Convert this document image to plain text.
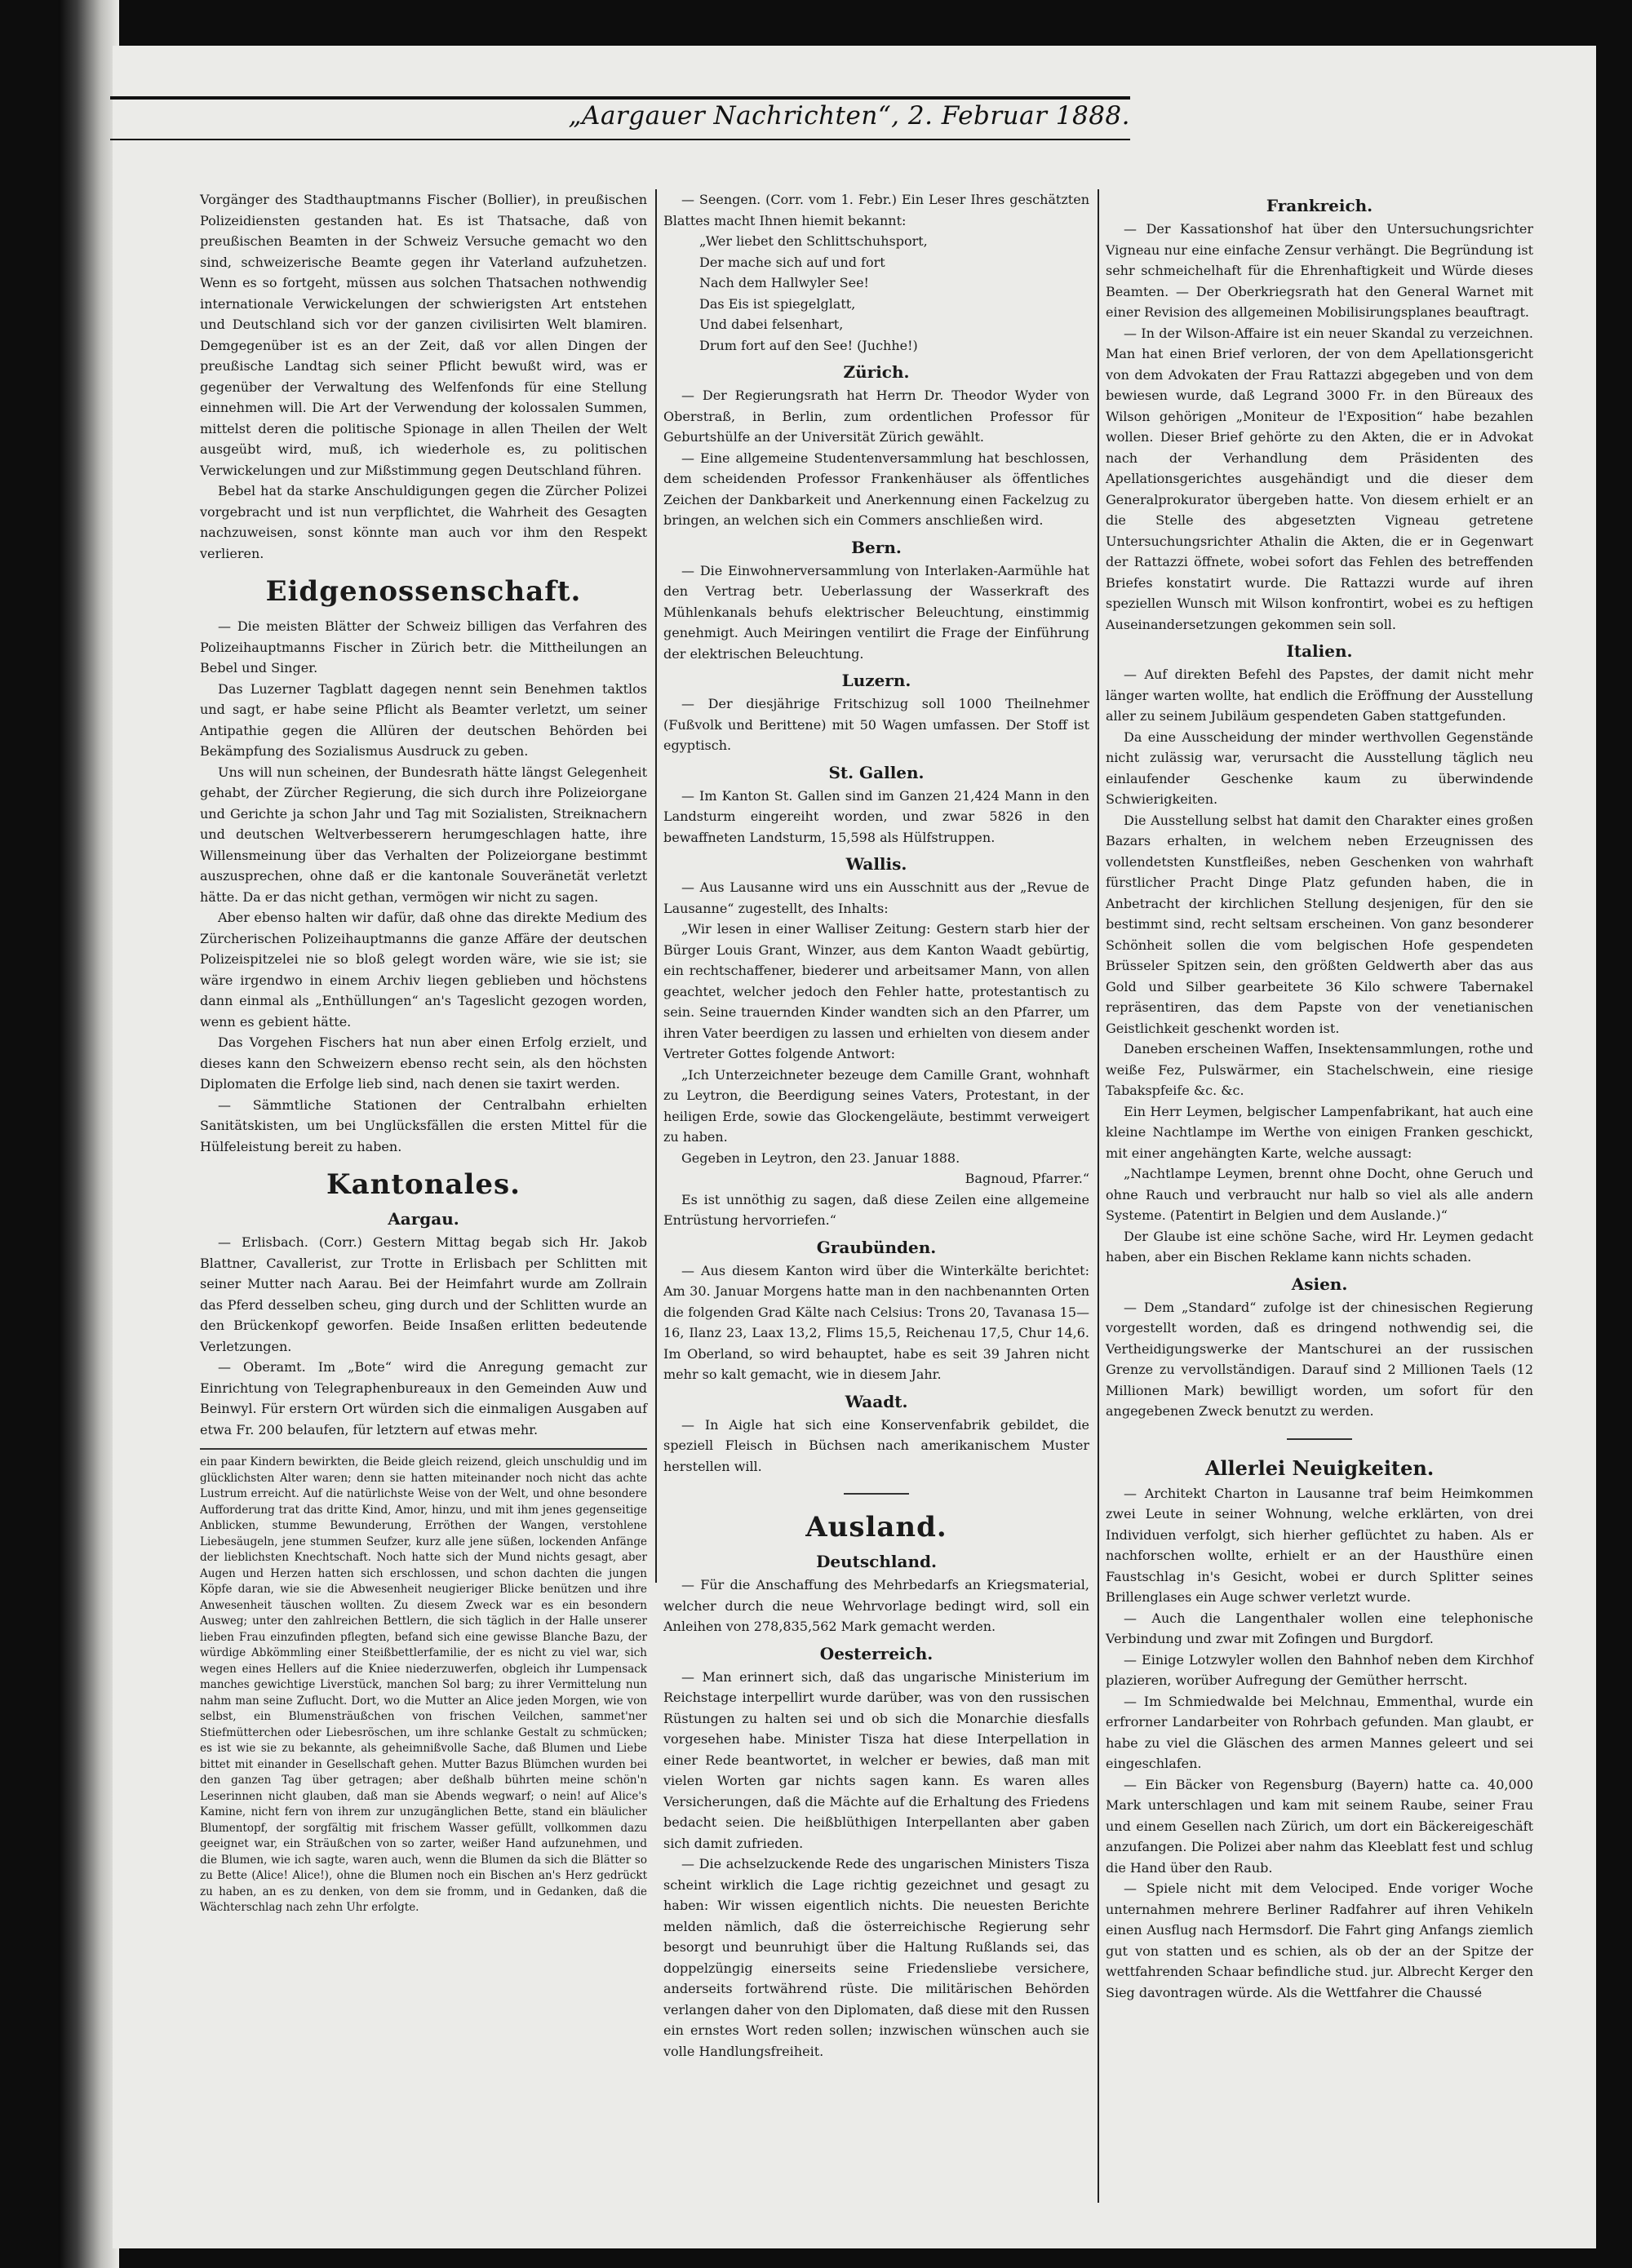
„Aargauer Nachrichten“, 2. Februar 1888.

Vorgänger des Stadthauptmanns Fischer (Bollier), in preußischen Polizeidiensten gestanden hat. Es ist Thatsache, daß von preußischen Beamten in der Schweiz Versuche gemacht wo den sind, schweizerische Beamte gegen ihr Vaterland aufzuhetzen. Wenn es so fortgeht, müssen aus solchen Thatsachen nothwendig internationale Verwickelungen der schwierigsten Art entstehen und Deutschland sich vor der ganzen civilisirten Welt blamiren. Demgegenüber ist es an der Zeit, daß vor allen Dingen der preußische Landtag sich seiner Pflicht bewußt wird, was er gegenüber der Verwaltung des Welfenfonds für eine Stellung einnehmen will. Die Art der Verwendung der kolossalen Summen, mittelst deren die politische Spionage in allen Theilen der Welt ausgeübt wird, muß, ich wiederhole es, zu politischen Verwickelungen und zur Mißstimmung gegen Deutschland führen.

Bebel hat da starke Anschuldigungen gegen die Zürcher Polizei vorgebracht und ist nun verpflichtet, die Wahrheit des Gesagten nachzuweisen, sonst könnte man auch vor ihm den Respekt verlieren.

Eidgenossenschaft.

— Die meisten Blätter der Schweiz billigen das Verfahren des Polizeihauptmanns Fischer in Zürich betr. die Mittheilungen an Bebel und Singer.

Das Luzerner Tagblatt dagegen nennt sein Benehmen taktlos und sagt, er habe seine Pflicht als Beamter verletzt, um seiner Antipathie gegen die Allüren der deutschen Behörden bei Bekämpfung des Sozialismus Ausdruck zu geben.

Uns will nun scheinen, der Bundesrath hätte längst Gelegenheit gehabt, der Zürcher Regierung, die sich durch ihre Polizeiorgane und Gerichte ja schon Jahr und Tag mit Sozialisten, Streiknachern und deutschen Weltverbesserern herumgeschlagen hatte, ihre Willensmeinung über das Verhalten der Polizeiorgane bestimmt auszusprechen, ohne daß er die kantonale Souveränetät verletzt hätte. Da er das nicht gethan, vermögen wir nicht zu sagen.

Aber ebenso halten wir dafür, daß ohne das direkte Medium des Zürcherischen Polizeihauptmanns die ganze Affäre der deutschen Polizeispitzelei nie so bloß gelegt worden wäre, wie sie ist; sie wäre irgendwo in einem Archiv liegen geblieben und höchstens dann einmal als „Enthüllungen“ an's Tageslicht gezogen worden, wenn es gebient hätte.

Das Vorgehen Fischers hat nun aber einen Erfolg erzielt, und dieses kann den Schweizern ebenso recht sein, als den höchsten Diplomaten die Erfolge lieb sind, nach denen sie taxirt werden.

— Sämmtliche Stationen der Centralbahn erhielten Sanitätskisten, um bei Unglücksfällen die ersten Mittel für die Hülfeleistung bereit zu haben.

Kantonales.
Aargau.

— Erlisbach. (Corr.) Gestern Mittag begab sich Hr. Jakob Blattner, Cavallerist, zur Trotte in Erlisbach per Schlitten mit seiner Mutter nach Aarau. Bei der Heimfahrt wurde am Zollrain das Pferd desselben scheu, ging durch und der Schlitten wurde an den Brückenkopf geworfen. Beide Insaßen erlitten bedeutende Verletzungen.

— Oberamt. Im „Bote“ wird die Anregung gemacht zur Einrichtung von Telegraphenbureaux in den Gemeinden Auw und Beinwyl. Für erstern Ort würden sich die einmaligen Ausgaben auf etwa Fr. 200 belaufen, für letztern auf etwas mehr.

ein paar Kindern bewirkten, die Beide gleich reizend, gleich unschuldig und im glücklichsten Alter waren; denn sie hatten miteinander noch nicht das achte Lustrum erreicht. Auf die natürlichste Weise von der Welt, und ohne besondere Aufforderung trat das dritte Kind, Amor, hinzu, und mit ihm jenes gegenseitige Anblicken, stumme Bewunderung, Erröthen der Wangen, verstohlene Liebesäugeln, jene stummen Seufzer, kurz alle jene süßen, lockenden Anfänge der lieblichsten Knechtschaft. Noch hatte sich der Mund nichts gesagt, aber Augen und Herzen hatten sich erschlossen, und schon dachten die jungen Köpfe daran, wie sie die Abwesenheit neugieriger Blicke benützen und ihre Anwesenheit täuschen wollten. Zu diesem Zweck war es ein besondern Ausweg; unter den zahlreichen Bettlern, die sich täglich in der Halle unserer lieben Frau einzufinden pflegten, befand sich eine gewisse Blanche Bazu, der würdige Abkömmling einer Steißbettlerfamilie, der es nicht zu viel war, sich wegen eines Hellers auf die Kniee niederzuwerfen, obgleich ihr Lumpensack manches gewichtige Liverstück, manchen Sol barg; zu ihrer Vermittelung nun nahm man seine Zuflucht. Dort, wo die Mutter an Alice jeden Morgen, wie von selbst, ein Blumensträußchen von frischen Veilchen, sammet'ner Stiefmütterchen oder Liebesröschen, um ihre schlanke Gestalt zu schmücken; es ist wie sie zu bekannte, als geheimnißvolle Sache, daß Blumen und Liebe bittet mit einander in Gesellschaft gehen. Mutter Bazus Blümchen wurden bei den ganzen Tag über getragen; aber deßhalb bührten meine schön'n Leserinnen nicht glauben, daß man sie Abends wegwarf; o nein! auf Alice's Kamine, nicht fern von ihrem zur unzugänglichen Bette, stand ein bläulicher Blumentopf, der sorgfältig mit frischem Wasser gefüllt, vollkommen dazu geeignet war, ein Sträußchen von so zarter, weißer Hand aufzunehmen, und die Blumen, wie ich sagte, waren auch, wenn die Blumen da sich die Blätter so zu Bette (Alice! Alice!), ohne die Blumen noch ein Bischen an's Herz gedrückt zu haben, an es zu denken, von dem sie fromm, und in Gedanken, daß die Wächterschlag nach zehn Uhr erfolgte.

— Seengen. (Corr. vom 1. Febr.) Ein Leser Ihres geschätzten Blattes macht Ihnen hiemit bekannt:

„Wer liebet den Schlittschuhsport,
Der mache sich auf und fort
Nach dem Hallwyler See!
Das Eis ist spiegelglatt,
Und dabei felsenhart,
Drum fort auf den See! (Juchhe!)
Zürich.

— Der Regierungsrath hat Herrn Dr. Theodor Wyder von Oberstraß, in Berlin, zum ordentlichen Professor für Geburtshülfe an der Universität Zürich gewählt.

— Eine allgemeine Studentenversammlung hat beschlossen, dem scheidenden Professor Frankenhäuser als öffentliches Zeichen der Dankbarkeit und Anerkennung einen Fackelzug zu bringen, an welchen sich ein Commers anschließen wird.

Bern.

— Die Einwohnerversammlung von Interlaken-Aarmühle hat den Vertrag betr. Ueberlassung der Wasserkraft des Mühlenkanals behufs elektrischer Beleuchtung, einstimmig genehmigt. Auch Meiringen ventilirt die Frage der Einführung der elektrischen Beleuchtung.

Luzern.

— Der diesjährige Fritschizug soll 1000 Theilnehmer (Fußvolk und Berittene) mit 50 Wagen umfassen. Der Stoff ist egyptisch.

St. Gallen.

— Im Kanton St. Gallen sind im Ganzen 21,424 Mann in den Landsturm eingereiht worden, und zwar 5826 in den bewaffneten Landsturm, 15,598 als Hülfstruppen.

Wallis.

— Aus Lausanne wird uns ein Ausschnitt aus der „Revue de Lausanne“ zugestellt, des Inhalts:

„Wir lesen in einer Walliser Zeitung: Gestern starb hier der Bürger Louis Grant, Winzer, aus dem Kanton Waadt gebürtig, ein rechtschaffener, biederer und arbeitsamer Mann, von allen geachtet, welcher jedoch den Fehler hatte, protestantisch zu sein. Seine trauernden Kinder wandten sich an den Pfarrer, um ihren Vater beerdigen zu lassen und erhielten von diesem ander Vertreter Gottes folgende Antwort:

„Ich Unterzeichneter bezeuge dem Camille Grant, wohnhaft zu Leytron, die Beerdigung seines Vaters, Protestant, in der heiligen Erde, sowie das Glockengeläute, bestimmt verweigert zu haben.

Gegeben in Leytron, den 23. Januar 1888.

Bagnoud, Pfarrer.“

Es ist unnöthig zu sagen, daß diese Zeilen eine allgemeine Entrüstung hervorriefen.“

Graubünden.

— Aus diesem Kanton wird über die Winterkälte berichtet: Am 30. Januar Morgens hatte man in den nachbenannten Orten die folgenden Grad Kälte nach Celsius: Trons 20, Tavanasa 15—16, Ilanz 23, Laax 13,2, Flims 15,5, Reichenau 17,5, Chur 14,6. Im Oberland, so wird behauptet, habe es seit 39 Jahren nicht mehr so kalt gemacht, wie in diesem Jahr.

Waadt.

— In Aigle hat sich eine Konservenfabrik gebildet, die speziell Fleisch in Büchsen nach amerikanischem Muster herstellen will.

Ausland.
Deutschland.

— Für die Anschaffung des Mehrbedarfs an Kriegsmaterial, welcher durch die neue Wehrvorlage bedingt wird, soll ein Anleihen von 278,835,562 Mark gemacht werden.

Oesterreich.

— Man erinnert sich, daß das ungarische Ministerium im Reichstage interpellirt wurde darüber, was von den russischen Rüstungen zu halten sei und ob sich die Monarchie diesfalls vorgesehen habe. Minister Tisza hat diese Interpellation in einer Rede beantwortet, in welcher er bewies, daß man mit vielen Worten gar nichts sagen kann. Es waren alles Versicherungen, daß die Mächte auf die Erhaltung des Friedens bedacht seien. Die heißblüthigen Interpellanten aber gaben sich damit zufrieden.

— Die achselzuckende Rede des ungarischen Ministers Tisza scheint wirklich die Lage richtig gezeichnet und gesagt zu haben: Wir wissen eigentlich nichts. Die neuesten Berichte melden nämlich, daß die österreichische Regierung sehr besorgt und beunruhigt über die Haltung Rußlands sei, das doppelzüngig einerseits seine Friedensliebe versichere, anderseits fortwährend rüste. Die militärischen Behörden verlangen daher von den Diplomaten, daß diese mit den Russen ein ernstes Wort reden sollen; inzwischen wünschen auch sie volle Handlungsfreiheit.

Frankreich.

— Der Kassationshof hat über den Untersuchungsrichter Vigneau nur eine einfache Zensur verhängt. Die Begründung ist sehr schmeichelhaft für die Ehrenhaftigkeit und Würde dieses Beamten. — Der Oberkriegsrath hat den General Warnet mit einer Revision des allgemeinen Mobilisirungsplanes beauftragt.

— In der Wilson-Affaire ist ein neuer Skandal zu verzeichnen. Man hat einen Brief verloren, der von dem Apellationsgericht von dem Advokaten der Frau Rattazzi abgegeben und von dem bewiesen wurde, daß Legrand 3000 Fr. in den Büreaux des Wilson gehörigen „Moniteur de l'Exposition“ habe bezahlen wollen. Dieser Brief gehörte zu den Akten, die er in Advokat nach der Verhandlung dem Präsidenten des Apellationsgerichtes ausgehändigt und die dieser dem Generalprokurator übergeben hatte. Von diesem erhielt er an die Stelle des abgesetzten Vigneau getretene Untersuchungsrichter Athalin die Akten, die er in Gegenwart der Rattazzi öffnete, wobei sofort das Fehlen des betreffenden Briefes konstatirt wurde. Die Rattazzi wurde auf ihren speziellen Wunsch mit Wilson konfrontirt, wobei es zu heftigen Auseinandersetzungen gekommen sein soll.

Italien.

— Auf direkten Befehl des Papstes, der damit nicht mehr länger warten wollte, hat endlich die Eröffnung der Ausstellung aller zu seinem Jubiläum gespendeten Gaben stattgefunden.

Da eine Ausscheidung der minder werthvollen Gegenstände nicht zulässig war, verursacht die Ausstellung täglich neu einlaufender Geschenke kaum zu überwindende Schwierigkeiten.

Die Ausstellung selbst hat damit den Charakter eines großen Bazars erhalten, in welchem neben Erzeugnissen des vollendetsten Kunstfleißes, neben Geschenken von wahrhaft fürstlicher Pracht Dinge Platz gefunden haben, die in Anbetracht der kirchlichen Stellung desjenigen, für den sie bestimmt sind, recht seltsam erscheinen. Von ganz besonderer Schönheit sollen die vom belgischen Hofe gespendeten Brüsseler Spitzen sein, den größten Geldwerth aber das aus Gold und Silber gearbeitete 36 Kilo schwere Tabernakel repräsentiren, das dem Papste von der venetianischen Geistlichkeit geschenkt worden ist.

Daneben erscheinen Waffen, Insektensammlungen, rothe und weiße Fez, Pulswärmer, ein Stachelschwein, eine riesige Tabakspfeife &c. &c.

Ein Herr Leymen, belgischer Lampenfabrikant, hat auch eine kleine Nachtlampe im Werthe von einigen Franken geschickt, mit einer angehängten Karte, welche aussagt:

„Nachtlampe Leymen, brennt ohne Docht, ohne Geruch und ohne Rauch und verbraucht nur halb so viel als alle andern Systeme. (Patentirt in Belgien und dem Auslande.)“

Der Glaube ist eine schöne Sache, wird Hr. Leymen gedacht haben, aber ein Bischen Reklame kann nichts schaden.

Asien.

— Dem „Standard“ zufolge ist der chinesischen Regierung vorgestellt worden, daß es dringend nothwendig sei, die Vertheidigungswerke der Mantschurei an der russischen Grenze zu vervollständigen. Darauf sind 2 Millionen Taels (12 Millionen Mark) bewilligt worden, um sofort für den angegebenen Zweck benutzt zu werden.

Allerlei Neuigkeiten.

— Architekt Charton in Lausanne traf beim Heimkommen zwei Leute in seiner Wohnung, welche erklärten, von drei Individuen verfolgt, sich hierher geflüchtet zu haben. Als er nachforschen wollte, erhielt er an der Hausthüre einen Faustschlag in's Gesicht, wobei er durch Splitter seines Brillenglases ein Auge schwer verletzt wurde.

— Auch die Langenthaler wollen eine telephonische Verbindung und zwar mit Zofingen und Burgdorf.

— Einige Lotzwyler wollen den Bahnhof neben dem Kirchhof plazieren, worüber Aufregung der Gemüther herrscht.

— Im Schmiedwalde bei Melchnau, Emmenthal, wurde ein erfrorner Landarbeiter von Rohrbach gefunden. Man glaubt, er habe zu viel die Gläschen des armen Mannes geleert und sei eingeschlafen.

— Ein Bäcker von Regensburg (Bayern) hatte ca. 40,000 Mark unterschlagen und kam mit seinem Raube, seiner Frau und einem Gesellen nach Zürich, um dort ein Bäckereigeschäft anzufangen. Die Polizei aber nahm das Kleeblatt fest und schlug die Hand über den Raub.

— Spiele nicht mit dem Velociped. Ende voriger Woche unternahmen mehrere Berliner Radfahrer auf ihren Vehikeln einen Ausflug nach Hermsdorf. Die Fahrt ging Anfangs ziemlich gut von statten und es schien, als ob der an der Spitze der wettfahrenden Schaar befindliche stud. jur. Albrecht Kerger den Sieg davontragen würde. Als die Wettfahrer die Chaussé
